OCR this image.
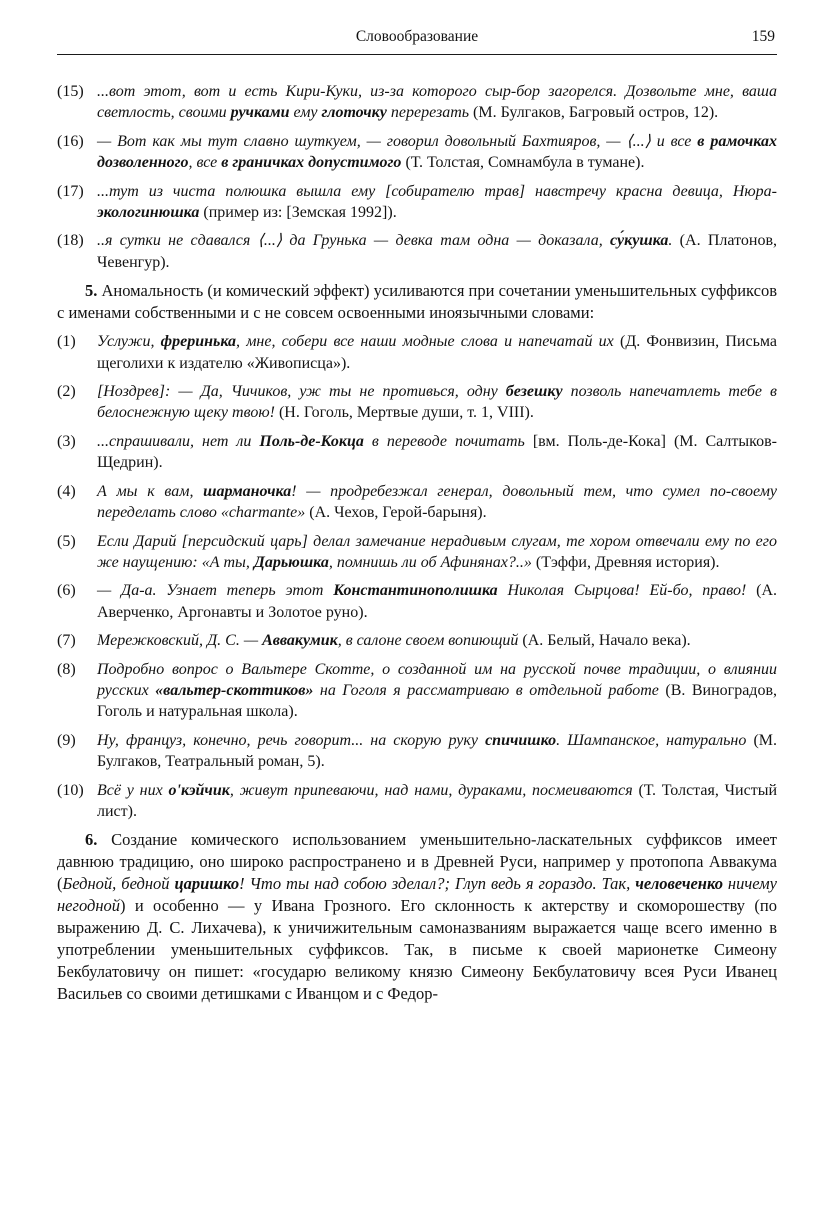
Словообразование	159
(15) ...вот этот, вот и есть Кири-Куки, из-за которого сыр-бор загорелся. Дозвольте мне, ваша светлость, своими ручками ему глоточку перерезать (М. Булгаков, Багровый остров, 12).
(16) — Вот как мы тут славно шуткуем, — говорил довольный Бахтияров, — ⟨...⟩ и все в рамочках дозволенного, все в граничках допустимого (Т. Толстая, Сомнамбула в тумане).
(17) ...тут из чиста полюшка вышла ему [собирателю трав] навстречу красна девица, Нюра-экологинюшка (пример из: [Земская 1992]).
(18) ..я сутки не сдавался ⟨...⟩ да Грунька — девка там одна — доказала, су́кушка. (А. Платонов, Чевенгур).
5. Аномальность (и комический эффект) усиливаются при сочетании уменьшительных суффиксов с именами собственными и с не совсем освоенными иноязычными словами:
(1) Услужи, фреринька, мне, собери все наши модные слова и напечатай их (Д. Фонвизин, Письма щеголихи к издателю «Живописца»).
(2) [Ноздрев]: — Да, Чичиков, уж ты не противься, одну безешку позволь напечатлеть тебе в белоснежную щеку твою! (Н. Гоголь, Мертвые души, т. 1, VIII).
(3) ...спрашивали, нет ли Поль-де-Кокца в переводе почитать [вм. Поль-де-Кока] (М. Салтыков-Щедрин).
(4) А мы к вам, шарманочка! — продребезжал генерал, довольный тем, что сумел по-своему переделать слово «charmante» (А. Чехов, Герой-барыня).
(5) Если Дарий [персидский царь] делал замечание нерадивым слугам, те хором отвечали ему по его же наущению: «А ты, Дарьюшка, помнишь ли об Афинянах?..» (Тэффи, Древняя история).
(6) — Да-а. Узнает теперь этот Константинополишка Николая Сырцова! Ей-бо, право! (А. Аверченко, Аргонавты и Золотое руно).
(7) Мережковский, Д. С. — Аввакумик, в салоне своем вопиющий (А. Белый, Начало века).
(8) Подробно вопрос о Вальтере Скотте, о созданной им на русской почве традиции, о влиянии русских «вальтер-скоттиков» на Гоголя я рассматриваю в отдельной работе (В. Виноградов, Гоголь и натуральная школа).
(9) Ну, француз, конечно, речь говорит... на скорую руку спичишко. Шампанское, натурально (М. Булгаков, Театральный роман, 5).
(10) Всё у них о'кэйчик, живут припеваючи, над нами, дураками, посмеиваются (Т. Толстая, Чистый лист).
6. Создание комического использованием уменьшительно-ласкательных суффиксов имеет давнюю традицию, оно широко распространено и в Древней Руси, например у протопопа Аввакума (Бедной, бедной царишко! Что ты над собою зделал?; Глуп ведь я гораздо. Так, человеченко ничему негодной) и особенно — у Ивана Грозного. Его склонность к актерству и скоморошеству (по выражению Д. С. Лихачева), к уничижительным самоназваниям выражается чаще всего именно в употреблении уменьшительных суффиксов. Так, в письме к своей марионетке Симеону Бекбулатовичу он пишет: «государю великому князю Симеону Бекбулатовичу всея Руси Иванец Васильев со своими детишками с Иванцом и с Федор-
